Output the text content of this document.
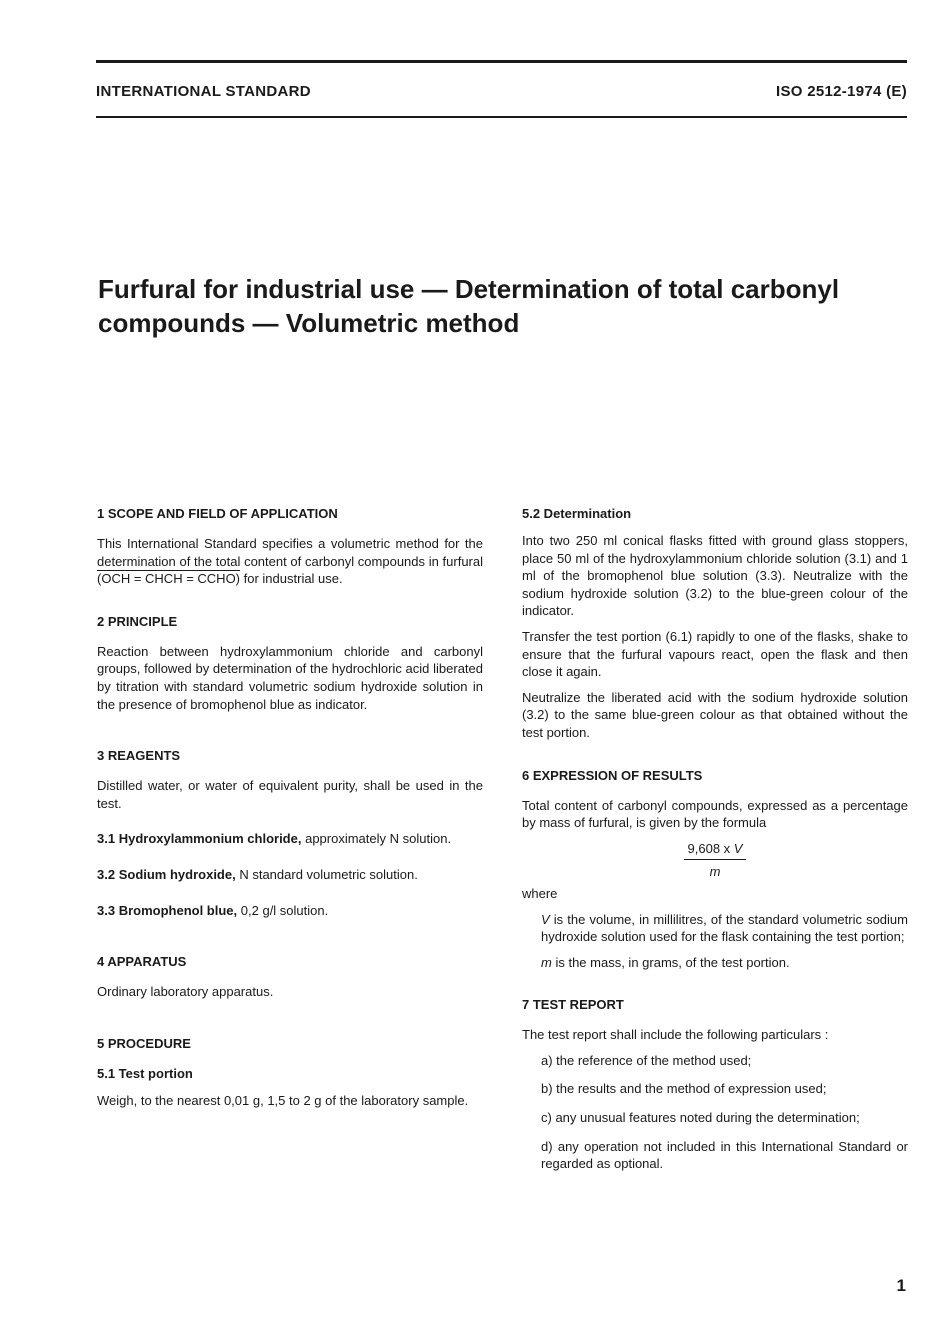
INTERNATIONAL STANDARD	ISO 2512-1974 (E)
Furfural for industrial use — Determination of total carbonyl compounds — Volumetric method
1 SCOPE AND FIELD OF APPLICATION

This International Standard specifies a volumetric method for the determination of the total content of carbonyl compounds in furfural (OCH = CHCH = CCHO) for industrial use.

2 PRINCIPLE

Reaction between hydroxylammonium chloride and carbonyl groups, followed by determination of the hydrochloric acid liberated by titration with standard volumetric sodium hydroxide solution in the presence of bromophenol blue as indicator.

3 REAGENTS

Distilled water, or water of equivalent purity, shall be used in the test.

3.1 Hydroxylammonium chloride, approximately N solution.

3.2 Sodium hydroxide, N standard volumetric solution.

3.3 Bromophenol blue, 0,2 g/l solution.

4 APPARATUS

Ordinary laboratory apparatus.

5 PROCEDURE
5.1 Test portion

Weigh, to the nearest 0,01 g, 1,5 to 2 g of the laboratory sample.

5.2 Determination

Into two 250 ml conical flasks fitted with ground glass stoppers, place 50 ml of the hydroxylammonium chloride solution (3.1) and 1 ml of the bromophenol blue solution (3.3). Neutralize with the sodium hydroxide solution (3.2) to the blue-green colour of the indicator.

Transfer the test portion (6.1) rapidly to one of the flasks, shake to ensure that the furfural vapours react, open the flask and then close it again.

Neutralize the liberated acid with the sodium hydroxide solution (3.2) to the same blue-green colour as that obtained without the test portion.

6 EXPRESSION OF RESULTS

Total content of carbonyl compounds, expressed as a percentage by mass of furfural, is given by the formula

9,608 x V
m

where

V is the volume, in millilitres, of the standard volumetric sodium hydroxide solution used for the flask containing the test portion;

m is the mass, in grams, of the test portion.

7 TEST REPORT

The test report shall include the following particulars :

a) the reference of the method used;
b) the results and the method of expression used;
c) any unusual features noted during the determination;
d) any operation not included in this International Standard or regarded as optional.
1
